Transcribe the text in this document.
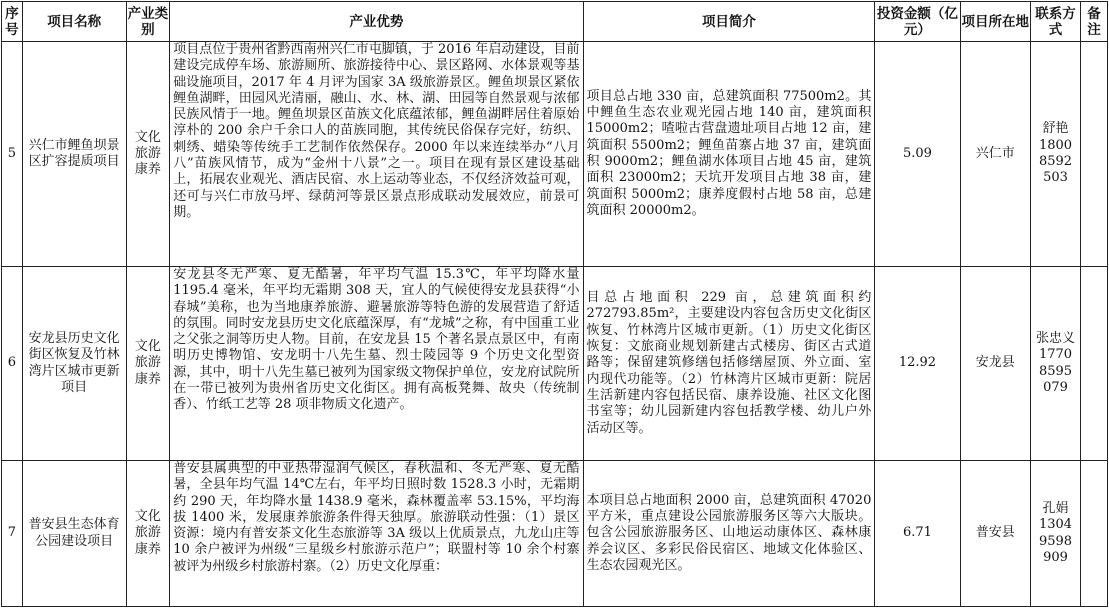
序号	项目名称	产业类别	产业优势	项目简介	投资金额（亿元）	项目所在地	联系方式	备注
5	兴仁市鲤鱼坝景区扩容提质项目	文化旅游康养	项目点位于贵州省黔西南州兴仁市屯脚镇，于 2016 年启动建设，目前建设完成停车场、旅游厕所、旅游接待中心、景区路网、水体景观等基础设施项目，2017 年 4 月评为国家 3A 级旅游景区。鲤鱼坝景区紧依鲤鱼湖畔，田园风光清丽，融山、水、林、湖、田园等自然景观与浓郁民族风情于一地。鲤鱼坝景区苗族文化底蕴浓郁，鲤鱼湖畔居住着原始淳朴的 200 余户千余口人的苗族同胞，其传统民俗保存完好，纺织、刺绣、蜡染等传统手工艺制作依然保存。2000 年以来连续举办“八月八”苗族风情节，成为“金州十八景”之一。项目在现有景区建设基础上，拓展农业观光、酒店民宿、水上运动等业态，不仅经济效益可观，还可与兴仁市放马坪、绿荫河等景区景点形成联动发展效应，前景可期。	项目总占地 330 亩，总建筑面积 77500m2。其中鲤鱼生态农业观光园占地 140 亩，建筑面积 15000m2；喳啦古营盘遗址项目占地 12 亩，建筑面积 5500m2；鲤鱼苗寨占地 37 亩，建筑面积 9000m2；鲤鱼湖水体项目占地 45 亩，建筑面积 23000m2；天坑开发项目占地 38 亩，建筑面积 5000m2；康养度假村占地 58 亩，总建筑面积 20000m2。	5.09	兴仁市	舒艳 1800 8592 503	
6	安龙县历史文化街区恢复及竹林湾片区城市更新项目	文化旅游康养	安龙县冬无严寒、夏无酷暑，年平均气温 15.3℃，年平均降水量 1195.4 毫米，年平均无霜期 308 天，宜人的气候使得安龙县获得“小春城”美称，也为当地康养旅游、避暑旅游等特色游的发展营造了舒适的氛围。同时安龙县历史文化底蕴深厚，有“龙城”之称，有中国重工业之父张之洞等历史人物。目前，在安龙县 15 个著名景点景区中，有南明历史博物馆、安龙明十八先生墓、烈士陵园等 9 个历史文化型资源，其中，明十八先生墓已被列为国家级文物保护单位，安龙府试院所在一带已被列为贵州省历史文化街区。拥有高板凳舞、故央（传统制香）、竹纸工艺等 28 项非物质文化遗产。	目总占地面积 229 亩，总建筑面积约 272793.85m²，主要建设内容包含历史文化街区恢复、竹林湾片区城市更新。（1）历史文化街区恢复：文旅商业规划新建古式楼房、街区古式道路等；保留建筑修缮包括修缮屋顶、外立面、室内现代功能等。（2）竹林湾片区城市更新：院居生活新建内容包括民宿、康养设施、社区文化图书室等；幼儿园新建内容包括教学楼、幼儿户外活动区等。	12.92	安龙县	张忠义 1770 8595 079	
7	普安县生态体育公园建设项目	文化旅游康养	普安县属典型的中亚热带湿润气候区，春秋温和、冬无严寒、夏无酷暑，全县年均气温 14℃左右，年平均日照时数 1528.3 小时，无霜期约 290 天，年均降水量 1438.9 毫米，森林覆盖率 53.15%，平均海拔 1400 米，发展康养旅游条件得天独厚。旅游联动性强：（1）景区资源：境内有普安茶文化生态旅游等 3A 级以上优质景点，九龙山庄等 10 余户被评为州级“三星级乡村旅游示范户”；联盟村等 10 余个村寨被评为州级乡村旅游村寨。（2）历史文化厚重：	本项目总占地面积 2000 亩，总建筑面积 47020 平方米，重点建设公园旅游服务区等六大版块。包含公园旅游服务区、山地运动康体区、森林康养会议区、多彩民俗民宿区、地域文化体验区、生态农园观光区。	6.71	普安县	孔娟 1304 9598 909	
